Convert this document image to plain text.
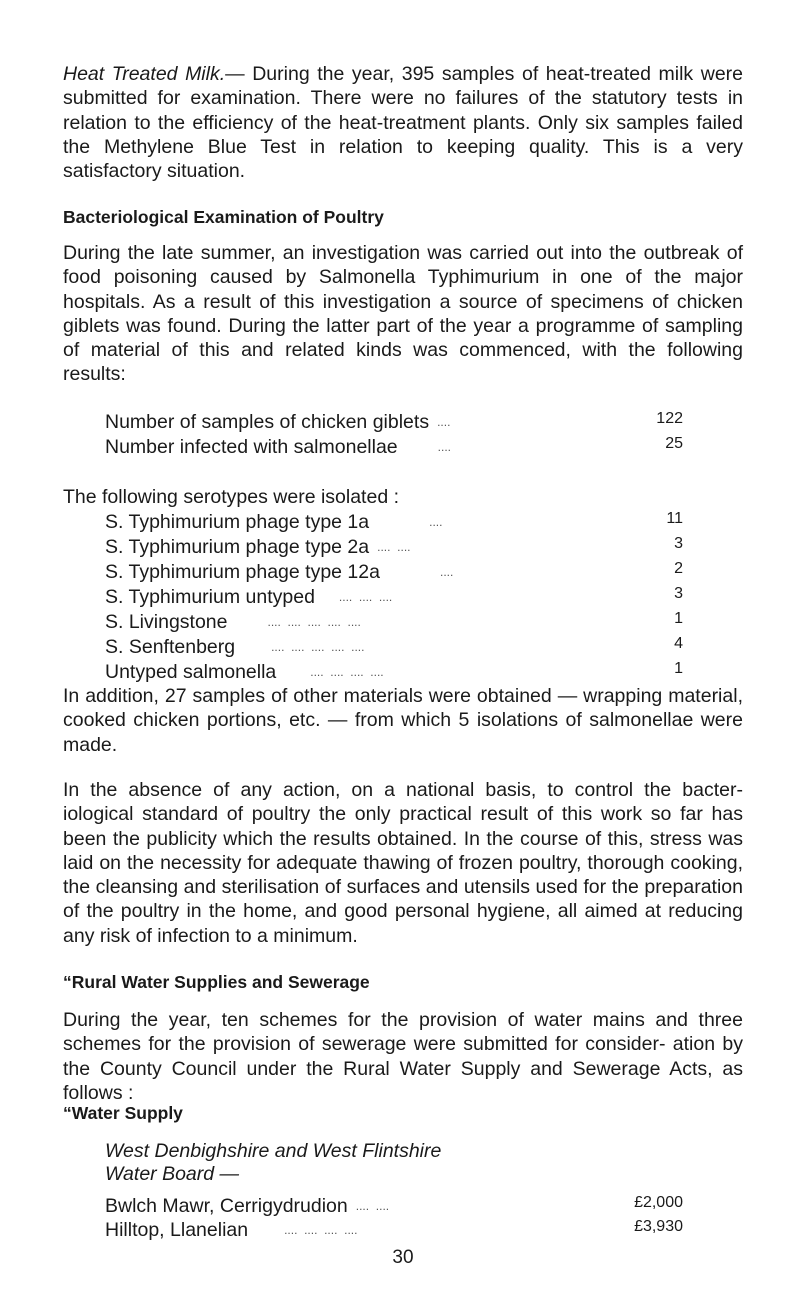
Heat Treated Milk.— During the year, 395 samples of heat-treated milk were submitted for examination. There were no failures of the statutory tests in relation to the efficiency of the heat-treatment plants. Only six samples failed the Methylene Blue Test in relation to keeping quality. This is a very satisfactory situation.

Bacteriological Examination of Poultry

During the late summer, an investigation was carried out into the outbreak of food poisoning caused by Salmonella Typhimurium in one of the major hospitals. As a result of this investigation a source of specimens of chicken giblets was found. During the latter part of the year a programme of sampling of material of this and related kinds was commenced, with the following results:

Number of samples of chicken giblets ....	122
Number infected with salmonellae	....	25

The following serotypes were isolated :

S. Typhimurium phage type 1a	....	11
S. Typhimurium phage type 2a ....  ....	3
S. Typhimurium phage type 12a	....	2
S. Typhimurium untyped ....  ....  ....	3
S. Livingstone	....  ....  ....  ....  ....	1
S. Senftenberg	....  ....  ....  ....  ....	4
Untyped salmonella	....  ....  ....  ....	1

In addition, 27 samples of other materials were obtained — wrapping material, cooked chicken portions, etc. — from which 5 isolations of salmonellae were made.

In the absence of any action, on a national basis, to control the bacter- iological standard of poultry the only practical result of this work so far has been the publicity which the results obtained. In the course of this, stress was laid on the necessity for adequate thawing of frozen poultry, thorough cooking, the cleansing and sterilisation of surfaces and utensils used for the preparation of the poultry in the home, and good personal hygiene, all aimed at reducing any risk of infection to a minimum.

“Rural Water Supplies and Sewerage

During the year, ten schemes for the provision of water mains and three schemes for the provision of sewerage were submitted for consider- ation by the County Council under the Rural Water Supply and Sewerage Acts, as follows :

“Water Supply
West Denbighshire and West Flintshire
Water Board —
Bwlch Mawr, Cerrigydrudion ....  ....	£2,000
Hilltop, Llanelian	....  ....  ....  ....	£3,930
30
